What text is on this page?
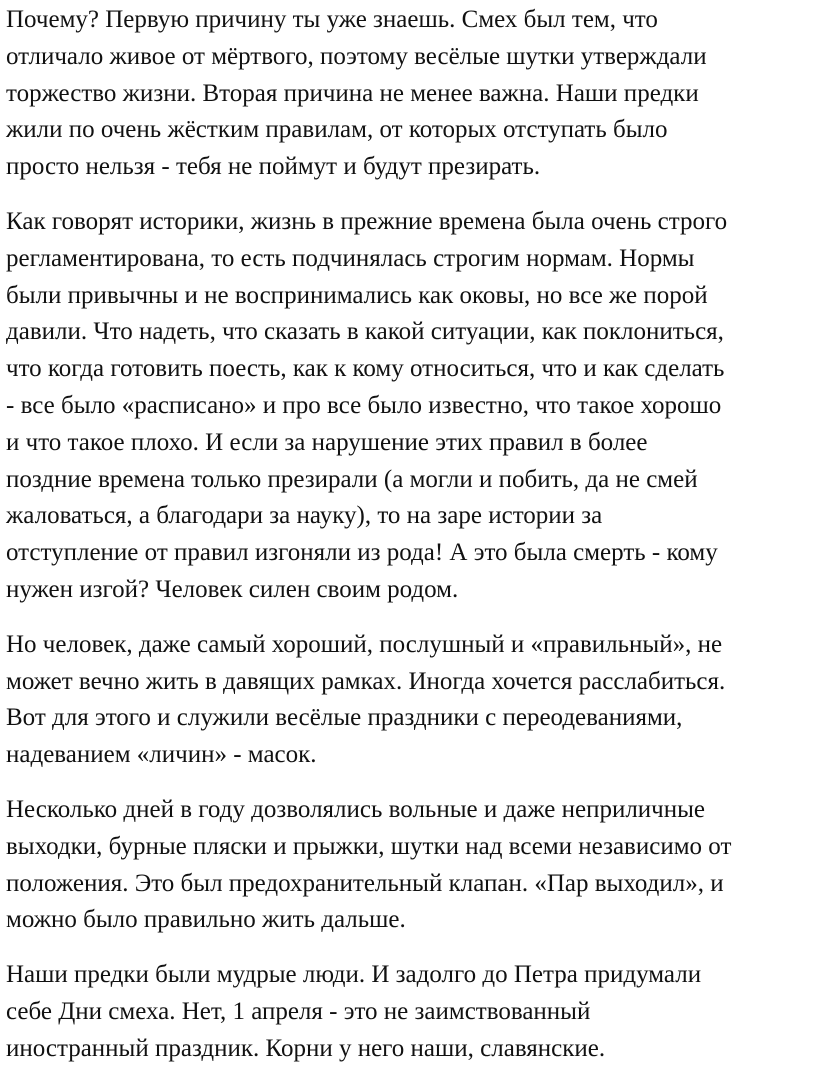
Почему? Первую причину ты уже знаешь. Смех был тем, что
отличало живое от мёртвого, поэтому весёлые шутки утверждали
торжество жизни. Вторая причина не менее важна. Наши предки
жили по очень жёстким правилам, от которых отступать было
просто нельзя - тебя не поймут и будут презирать.

Как говорят историки, жизнь в прежние времена была очень строго
регламентирована, то есть подчинялась строгим нормам. Нормы
были привычны и не воспринимались как оковы, но все же порой
давили. Что надеть, что сказать в какой ситуации, как поклониться,
что когда готовить поесть, как к кому относиться, что и как сделать
- все было «расписано» и про все было известно, что такое хорошо
и что такое плохо. И если за нарушение этих правил в более
поздние времена только презирали (а могли и побить, да не смей
жаловаться, а благодари за науку), то на заре истории за
отступление от правил изгоняли из рода! А это была смерть - кому
нужен изгой? Человек силен своим родом.

Но человек, даже самый хороший, послушный и «правильный», не
может вечно жить в давящих рамках. Иногда хочется расслабиться.
Вот для этого и служили весёлые праздники с переодеваниями,
надеванием «личин» - масок.

Несколько дней в году дозволялись вольные и даже неприличные
выходки, бурные пляски и прыжки, шутки над всеми независимо от
положения. Это был предохранительный клапан. «Пар выходил», и
можно было правильно жить дальше.

Наши предки были мудрые люди. И задолго до Петра придумали
себе Дни смеха. Нет, 1 апреля - это не заимствованный
иностранный праздник. Корни у него наши, славянские.
